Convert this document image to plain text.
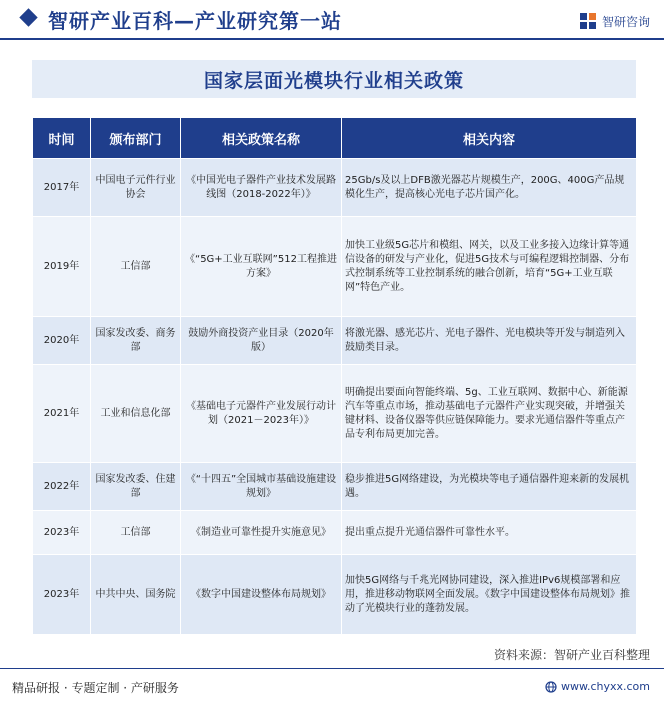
智研产业百科—产业研究第一站	智研咨询
国家层面光模块行业相关政策
时间	颁布部门	相关政策名称	相关内容
2017年	中国电子元件行业协会	《中国光电子器件产业技术发展路线图（2018-2022年）》	25Gb/s及以上DFB激光器芯片规模生产，200G、400G产品规模化生产，提高核心光电子芯片国产化。
2019年	工信部	《“5G+工业互联网”512工程推进方案》	加快工业级5G芯片和模组、网关，以及工业多接入边缘计算等通信设备的研发与产业化，促进5G技术与可编程逻辑控制器、分布式控制系统等工业控制系统的融合创新，培育“5G+工业互联网”特色产业。
2020年	国家发改委、商务部	鼓励外商投资产业目录（2020年版）	将激光器、感光芯片、光电子器件、光电模块等开发与制造列入鼓励类目录。
2021年	工业和信息化部	《基础电子元器件产业发展行动计划（2021－2023年）》	明确提出要面向智能终端、5g、工业互联网、数据中心、新能源汽车等重点市场，推动基础电子元器件产业实现突破，并增强关键材料、设备仪器等供应链保障能力。要求光通信器件等重点产品专利布局更加完善。
2022年	国家发改委、住建部	《“十四五”全国城市基础设施建设规划》	稳步推进5G网络建设，为光模块等电子通信器件迎来新的发展机遇。
2023年	工信部	《制造业可靠性提升实施意见》	提出重点提升光通信器件可靠性水平。
2023年	中共中央、国务院	《数字中国建设整体布局规划》	加快5G网络与千兆光网协同建设，深入推进IPv6规模部署和应用，推进移动物联网全面发展。《数字中国建设整体布局规划》推动了光模块行业的蓬勃发展。
资料来源：智研产业百科整理
精品研报 · 专题定制 · 产研服务	www.chyxx.com
